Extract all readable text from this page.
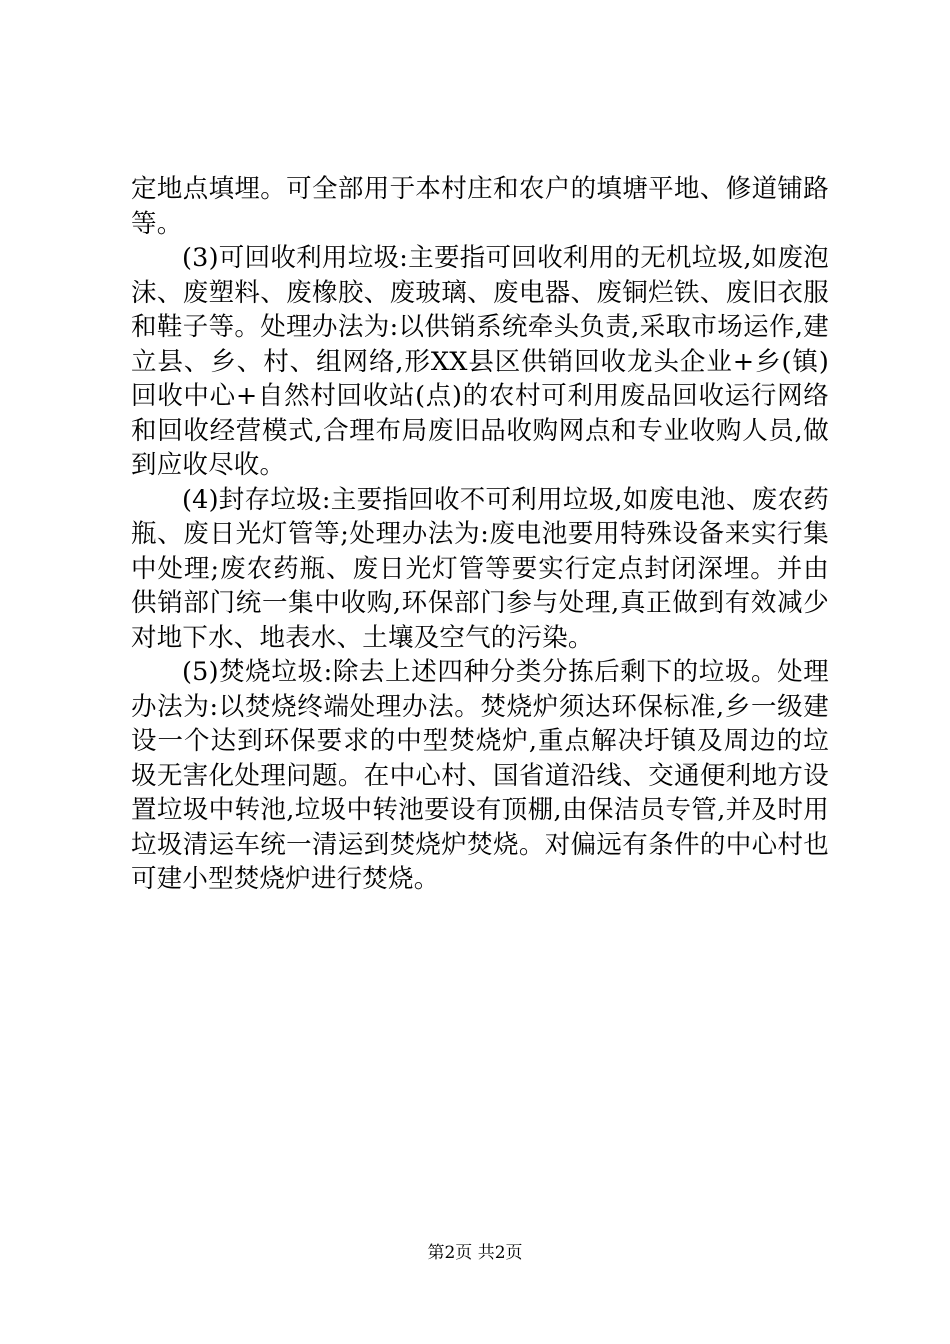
定地点填埋。可全部用于本村庄和农户的填塘平地、修道铺路等。

(3)可回收利用垃圾:主要指可回收利用的无机垃圾,如废泡沫、废塑料、废橡胶、废玻璃、废电器、废铜烂铁、废旧衣服和鞋子等。处理办法为:以供销系统牵头负责,采取市场运作,建立县、乡、村、组网络,形XX县区供销回收龙头企业+乡(镇)回收中心+自然村回收站(点)的农村可利用废品回收运行网络和回收经营模式,合理布局废旧品收购网点和专业收购人员,做到应收尽收。

(4)封存垃圾:主要指回收不可利用垃圾,如废电池、废农药瓶、废日光灯管等;处理办法为:废电池要用特殊设备来实行集中处理;废农药瓶、废日光灯管等要实行定点封闭深埋。并由供销部门统一集中收购,环保部门参与处理,真正做到有效减少对地下水、地表水、土壤及空气的污染。

(5)焚烧垃圾:除去上述四种分类分拣后剩下的垃圾。处理办法为:以焚烧终端处理办法。焚烧炉须达环保标准,乡一级建设一个达到环保要求的中型焚烧炉,重点解决圩镇及周边的垃圾无害化处理问题。在中心村、国省道沿线、交通便利地方设置垃圾中转池,垃圾中转池要设有顶棚,由保洁员专管,并及时用垃圾清运车统一清运到焚烧炉焚烧。对偏远有条件的中心村也可建小型焚烧炉进行焚烧。

第2页 共2页
